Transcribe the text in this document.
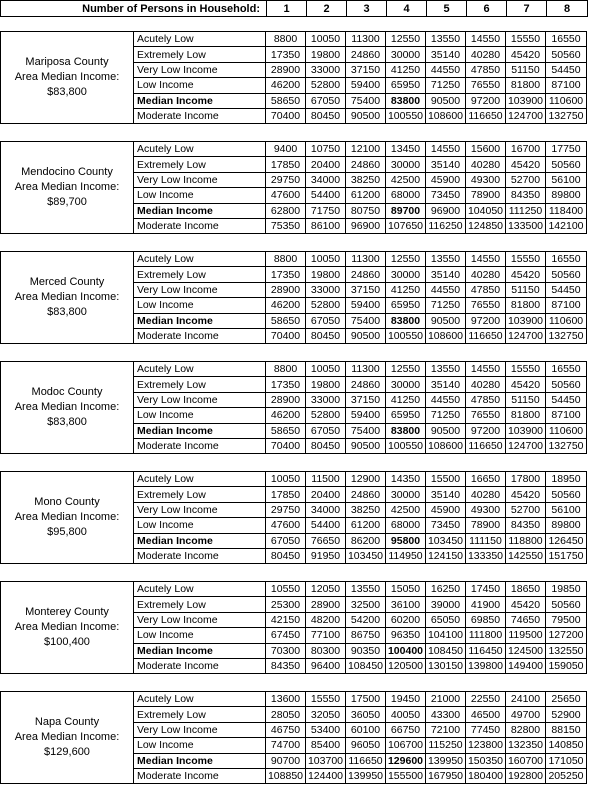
Number of Persons in Household:	1	2	3	4	5	6	7	8
Mariposa County
Area Median Income:
$83,800	Acutely Low	8800	10050	11300	12550	13550	14550	15550	16550
	Extremely Low	17350	19800	24860	30000	35140	40280	45420	50560
	Very Low Income	28900	33000	37150	41250	44550	47850	51150	54450
	Low Income	46200	52800	59400	65950	71250	76550	81800	87100
	Median Income	58650	67050	75400	83800	90500	97200	103900	110600
	Moderate Income	70400	80450	90500	100550	108600	116650	124700	132750
Mendocino County
Area Median Income:
$89,700	Acutely Low	9400	10750	12100	13450	14550	15600	16700	17750
	Extremely Low	17850	20400	24860	30000	35140	40280	45420	50560
	Very Low Income	29750	34000	38250	42500	45900	49300	52700	56100
	Low Income	47600	54400	61200	68000	73450	78900	84350	89800
	Median Income	62800	71750	80750	89700	96900	104050	111250	118400
	Moderate Income	75350	86100	96900	107650	116250	124850	133500	142100
Merced County
Area Median Income:
$83,800	Acutely Low	8800	10050	11300	12550	13550	14550	15550	16550
	Extremely Low	17350	19800	24860	30000	35140	40280	45420	50560
	Very Low Income	28900	33000	37150	41250	44550	47850	51150	54450
	Low Income	46200	52800	59400	65950	71250	76550	81800	87100
	Median Income	58650	67050	75400	83800	90500	97200	103900	110600
	Moderate Income	70400	80450	90500	100550	108600	116650	124700	132750
Modoc County
Area Median Income:
$83,800	Acutely Low	8800	10050	11300	12550	13550	14550	15550	16550
	Extremely Low	17350	19800	24860	30000	35140	40280	45420	50560
	Very Low Income	28900	33000	37150	41250	44550	47850	51150	54450
	Low Income	46200	52800	59400	65950	71250	76550	81800	87100
	Median Income	58650	67050	75400	83800	90500	97200	103900	110600
	Moderate Income	70400	80450	90500	100550	108600	116650	124700	132750
Mono County
Area Median Income:
$95,800	Acutely Low	10050	11500	12900	14350	15500	16650	17800	18950
	Extremely Low	17850	20400	24860	30000	35140	40280	45420	50560
	Very Low Income	29750	34000	38250	42500	45900	49300	52700	56100
	Low Income	47600	54400	61200	68000	73450	78900	84350	89800
	Median Income	67050	76650	86200	95800	103450	111150	118800	126450
	Moderate Income	80450	91950	103450	114950	124150	133350	142550	151750
Monterey County
Area Median Income:
$100,400	Acutely Low	10550	12050	13550	15050	16250	17450	18650	19850
	Extremely Low	25300	28900	32500	36100	39000	41900	45420	50560
	Very Low Income	42150	48200	54200	60200	65050	69850	74650	79500
	Low Income	67450	77100	86750	96350	104100	111800	119500	127200
	Median Income	70300	80300	90350	100400	108450	116450	124500	132550
	Moderate Income	84350	96400	108450	120500	130150	139800	149400	159050
Napa County
Area Median Income:
$129,600	Acutely Low	13600	15550	17500	19450	21000	22550	24100	25650
	Extremely Low	28050	32050	36050	40050	43300	46500	49700	52900
	Very Low Income	46750	53400	60100	66750	72100	77450	82800	88150
	Low Income	74700	85400	96050	106700	115250	123800	132350	140850
	Median Income	90700	103700	116650	129600	139950	150350	160700	171050
	Moderate Income	108850	124400	139950	155500	167950	180400	192800	205250
